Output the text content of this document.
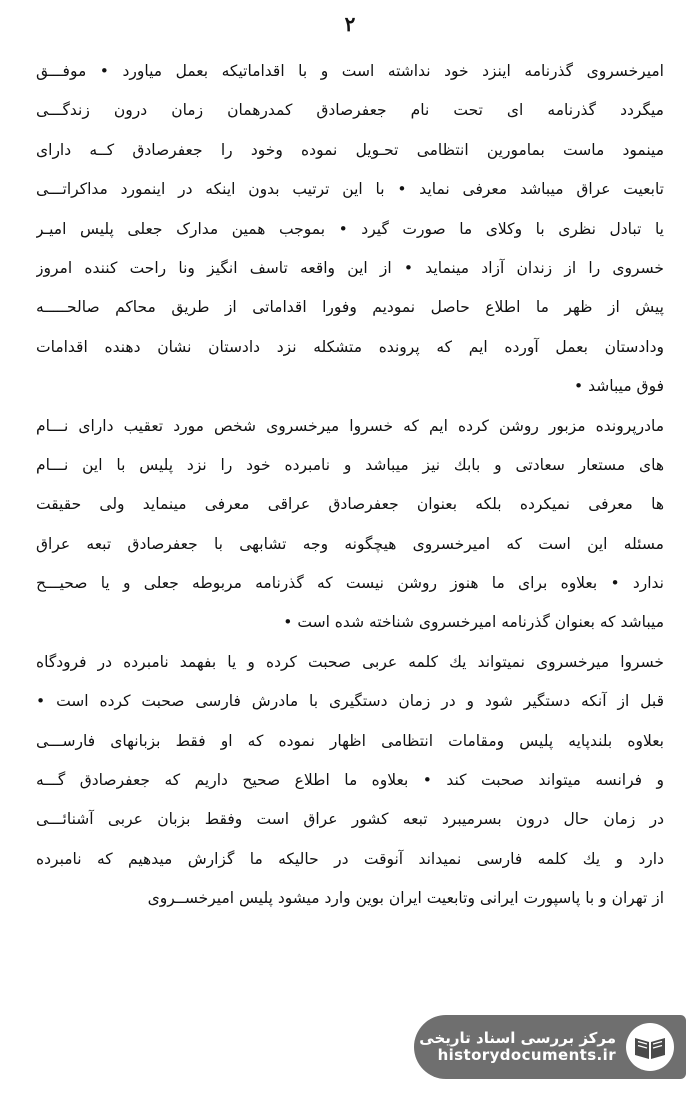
۲
امیرخسروی گذرنامه اینزد خود نداشته است و با اقداماتیکه بعمل میاورد • موفـــق
میگردد گذرنامه ای تحت نام جعفرصادق کمدرهمان زمان درون زندگـــی
مینمود ماست بمامورین انتظامی تحـویل نموده وخود را جعفرصادق کــه دارای
تابعیت عراق میباشد معرفی نماید • با این ترتیب بدون اینکه در اینمورد مداکراتـــی
یا تبادل نظری با وکلای ما صورت گیرد • بموجب همین مدارک جعلی پلیس امیـر
خسروی را از زندان آزاد مینماید • از این واقعه تاسف انگیز ونا راحت کننده امروز
پیش از ظهر ما اطلاع حاصل نمودیم وفورا اقداماتی از طریق محاکم صالحـــــه
ودادستان بعمل آورده ایم که پرونده متشکله نزد دادستان نشان دهنده اقدامات
فوق میباشد •
مادرپرونده مزبور روشن کرده ایم که خسروا میرخسروی شخص مورد تعقیب دارای نـــام
های مستعار سعادتی و بابك نیز میباشد و نامبرده خود را نزد پلیس با این نـــام
ها معرفی نمیکرده بلکه بعنوان جعفرصادق عراقی معرفی مینماید ولی حقیقت
مسئله این است که امیرخسروی هیچگونه وجه تشابهی با جعفرصادق تبعه عراق
ندارد • بعلاوه برای ما هنوز روشن نیست که گذرنامه مربوطه جعلی و یا صحیـــح
میباشد که بعنوان گذرنامه امیرخسروی شناخته شده است •
خسروا میرخسروی نمیتواند یك کلمه عربی صحبت کرده و یا بفهمد نامبرده در فرودگاه
قبل از آنکه دستگیر شود و در زمان دستگیری با مادرش فارسی صحبت کرده است •
بعلاوه بلندپایه پلیس ومقامات انتظامی اظهار نموده که او فقط بزبانهای فارســـی
و فرانسه میتواند صحبت کند • بعلاوه ما اطلاع صحیح داریم که جعفرصادق گـــه
در زمان حال درون بسرمیبرد تبعه کشور عراق است وفقط بزبان عربی آشنائـــی
دارد و یك کلمه فارسی نمیداند آنوقت در حالیکه ما گزارش میدهیم که نامبرده
از تهران و با پاسپورت ایرانی وتابعیت ایران بوین وارد میشود پلیس امیرخســروی
مرکز بررسی اسناد تاریخی
historydocuments.ir
